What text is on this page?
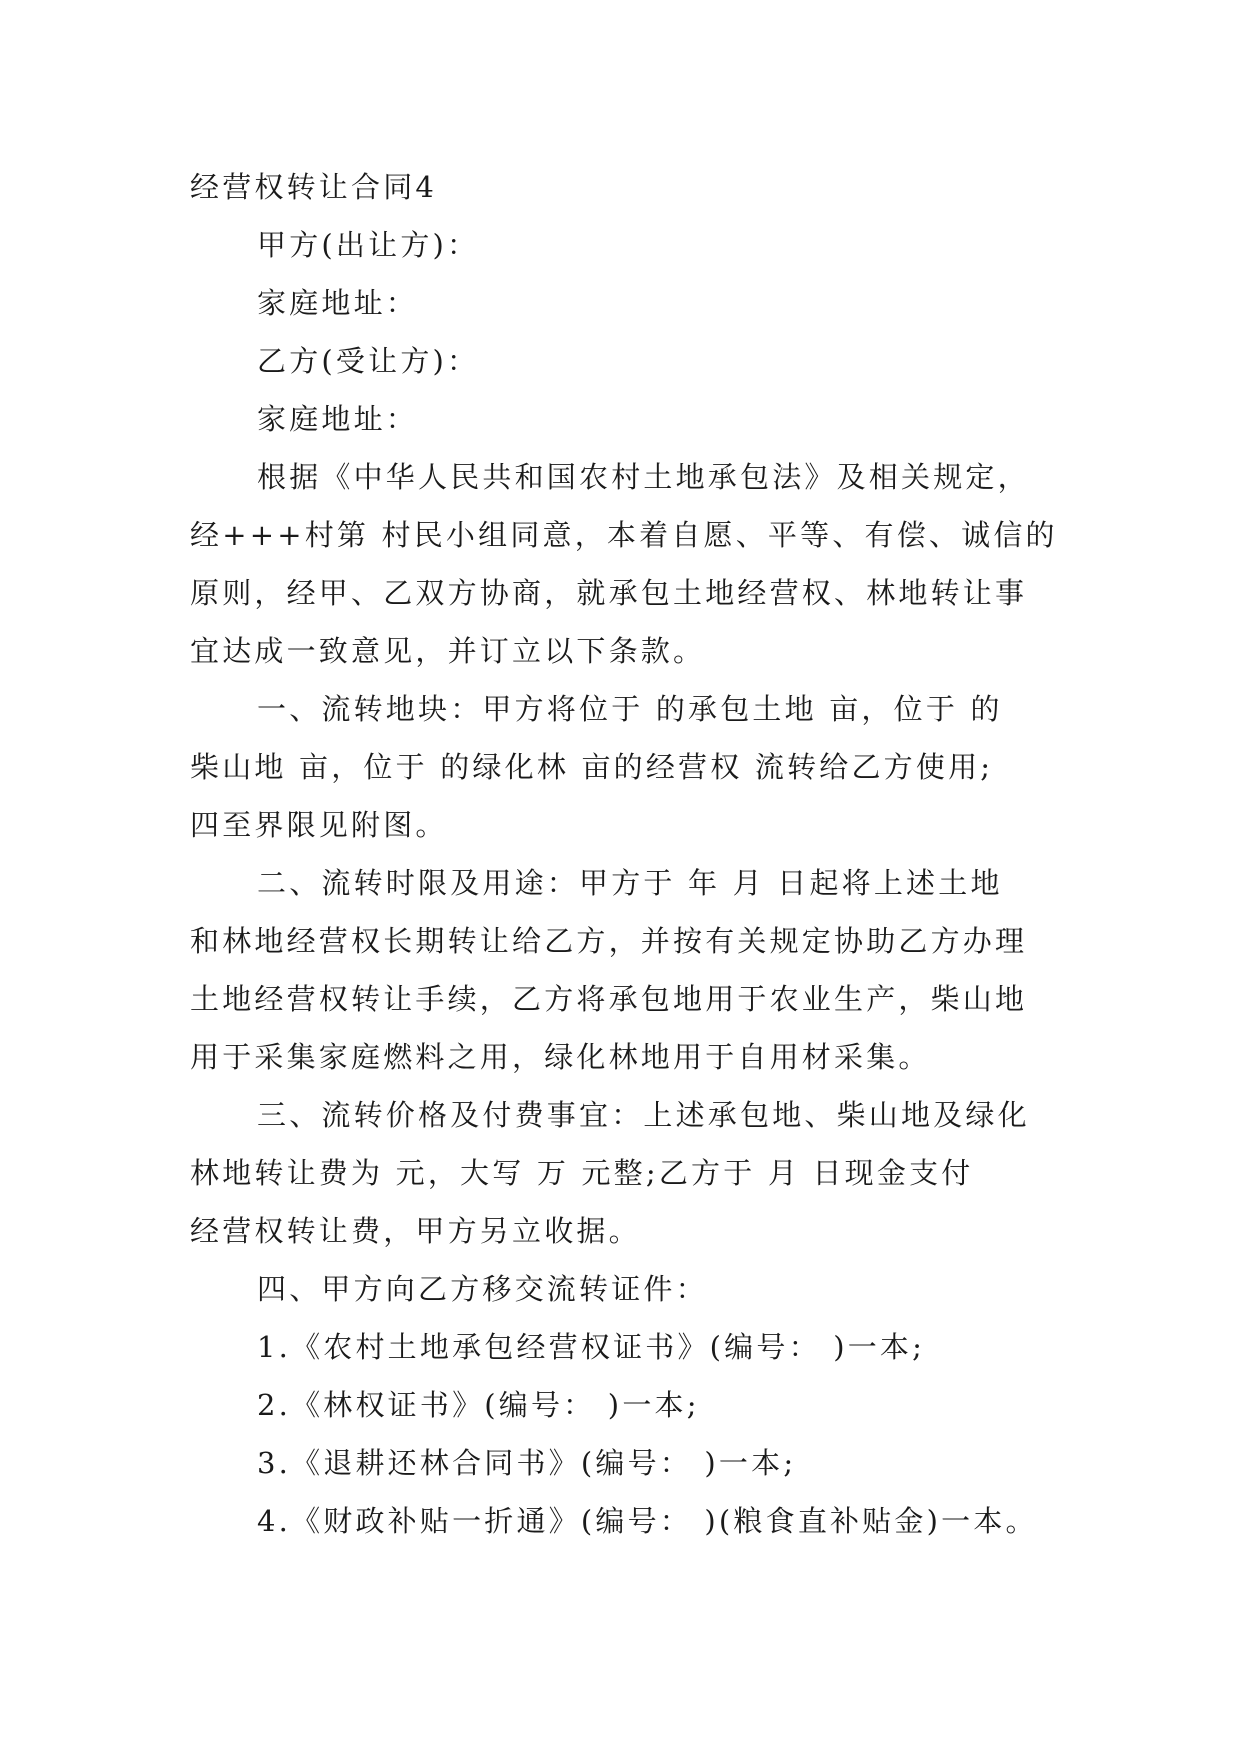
经营权转让合同4

甲方(出让方)：

家庭地址：

乙方(受让方)：

家庭地址：

根据《中华人民共和国农村土地承包法》及相关规定，

经+++村第 村民小组同意，本着自愿、平等、有偿、诚信的

原则，经甲、乙双方协商，就承包土地经营权、林地转让事

宜达成一致意见，并订立以下条款。

一、流转地块：甲方将位于 的承包土地 亩，位于 的

柴山地 亩，位于 的绿化林 亩的经营权 流转给乙方使用;

四至界限见附图。

二、流转时限及用途：甲方于 年 月 日起将上述土地

和林地经营权长期转让给乙方，并按有关规定协助乙方办理

土地经营权转让手续，乙方将承包地用于农业生产，柴山地

用于采集家庭燃料之用，绿化林地用于自用材采集。

三、流转价格及付费事宜：上述承包地、柴山地及绿化

林地转让费为 元，大写 万 元整;乙方于 月 日现金支付

经营权转让费，甲方另立收据。

四、甲方向乙方移交流转证件：

1.《农村土地承包经营权证书》(编号： )一本;

2.《林权证书》(编号： )一本;

3.《退耕还林合同书》(编号： )一本;

4.《财政补贴一折通》(编号： )(粮食直补贴金)一本。
